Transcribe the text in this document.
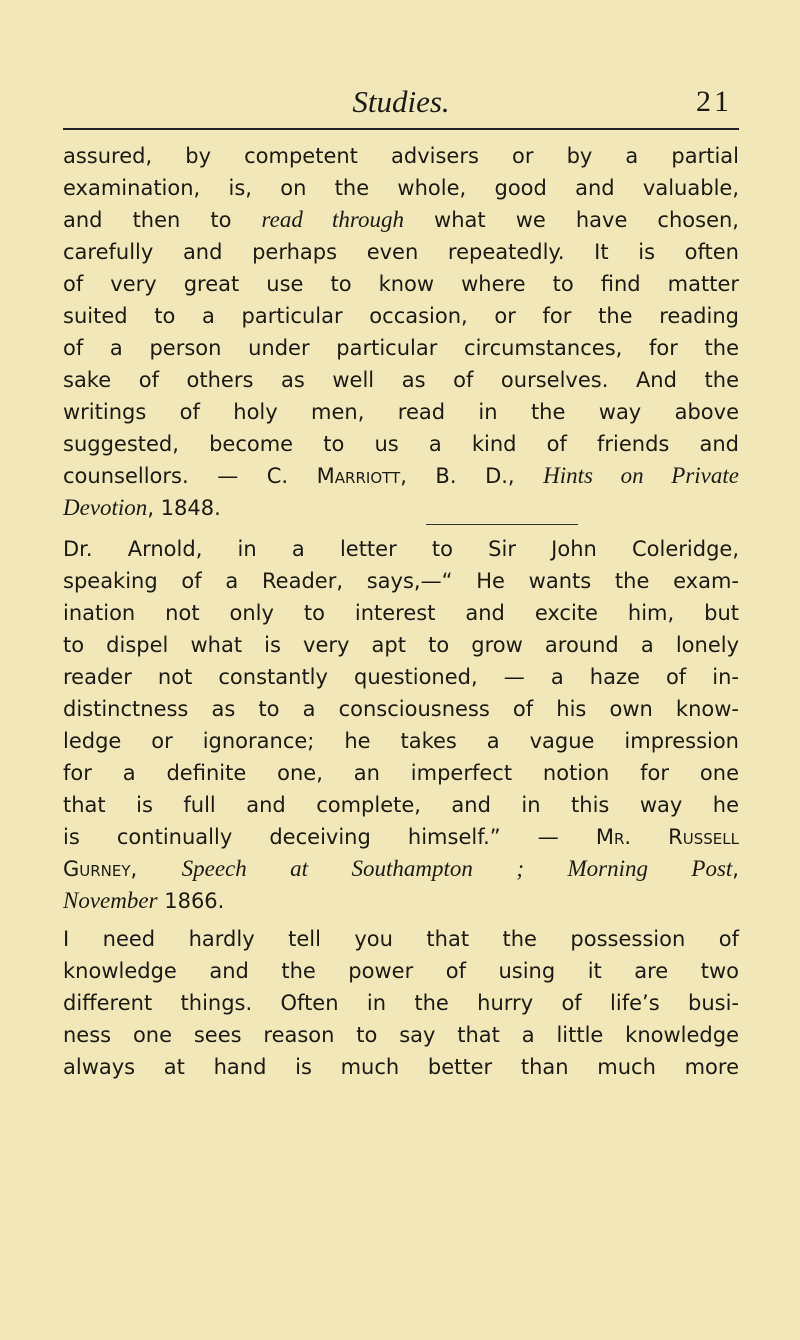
Studies.	21
assured, by competent advisers or by a partial
examination, is, on the whole, good and valuable,
and then to read through what we have chosen,
carefully and perhaps even repeatedly. It is often
of very great use to know where to find matter
suited to a particular occasion, or for the reading
of a person under particular circumstances, for the
sake of others as well as of ourselves. And the
writings of holy men, read in the way above
suggested, become to us a kind of friends and
counsellors. — C. Marriott, B. D., Hints on Private
Devotion, 1848.
Dr. Arnold, in a letter to Sir John Coleridge,
speaking of a Reader, says,—“ He wants the exam-
ination not only to interest and excite him, but
to dispel what is very apt to grow around a lonely
reader not constantly questioned, — a haze of in-
distinctness as to a consciousness of his own know-
ledge or ignorance; he takes a vague impression
for a definite one, an imperfect notion for one
that is full and complete, and in this way he
is continually deceiving himself.” — Mr. Russell
Gurney, Speech at Southampton ; Morning Post,
November 1866.
I need hardly tell you that the possession of
knowledge and the power of using it are two
different things. Often in the hurry of life’s busi-
ness one sees reason to say that a little knowledge
always at hand is much better than much more
